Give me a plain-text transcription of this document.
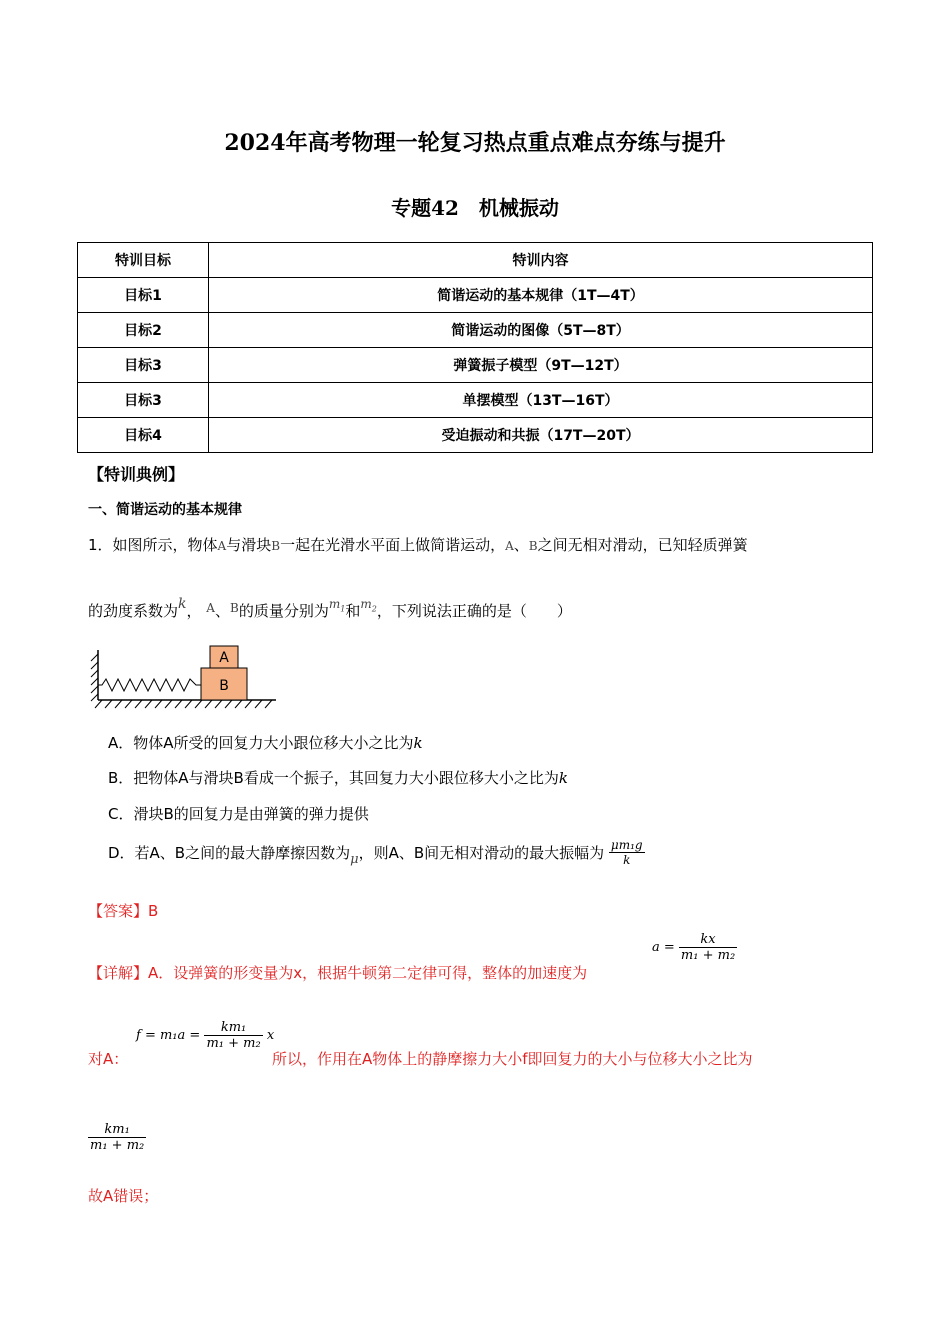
2024年高考物理一轮复习热点重点难点夯练与提升
专题42　机械振动
特训目标	特训内容
目标1	简谐运动的基本规律（1T—4T）
目标2	简谐运动的图像（5T—8T）
目标3	弹簧振子模型（9T—12T）
目标3	单摆模型（13T—16T）
目标4	受迫振动和共振（17T—20T）
【特训典例】
一、简谐运动的基本规律
1．如图所示，物体A与滑块B一起在光滑水平面上做简谐运动，A、B之间无相对滑动，已知轻质弹簧
的劲度系数为k， $^A$、$^B$的质量分别为$^{m_1}$和$^{m_2}$，下列说法正确的是（　　）
B
A
A．物体A所受的回复力大小跟位移大小之比为k
B．把物体A与滑块B看成一个振子，其回复力大小跟位移大小之比为k
C．滑块B的回复力是由弹簧的弹力提供
D．若A、B之间的最大静摩擦因数为μ，则A、B间无相对滑动的最大振幅为 $\frac{\text{μm₁g}}{k}$
【答案】B
【详解】A．设弹簧的形变量为x，根据牛顿第二定律可得，整体的加速度为
$a = \frac{kx}{\text{m₁ + m₂}}$
对A：
$f = m_1a = \frac{\text{km₁}}{\text{m₁ + m₂}}$ x
所以，作用在A物体上的静摩擦力大小f即回复力的大小与位移大小之比为
$\frac{\text{km₁}}{\text{m₁ + m₂}}$
故A错误；
